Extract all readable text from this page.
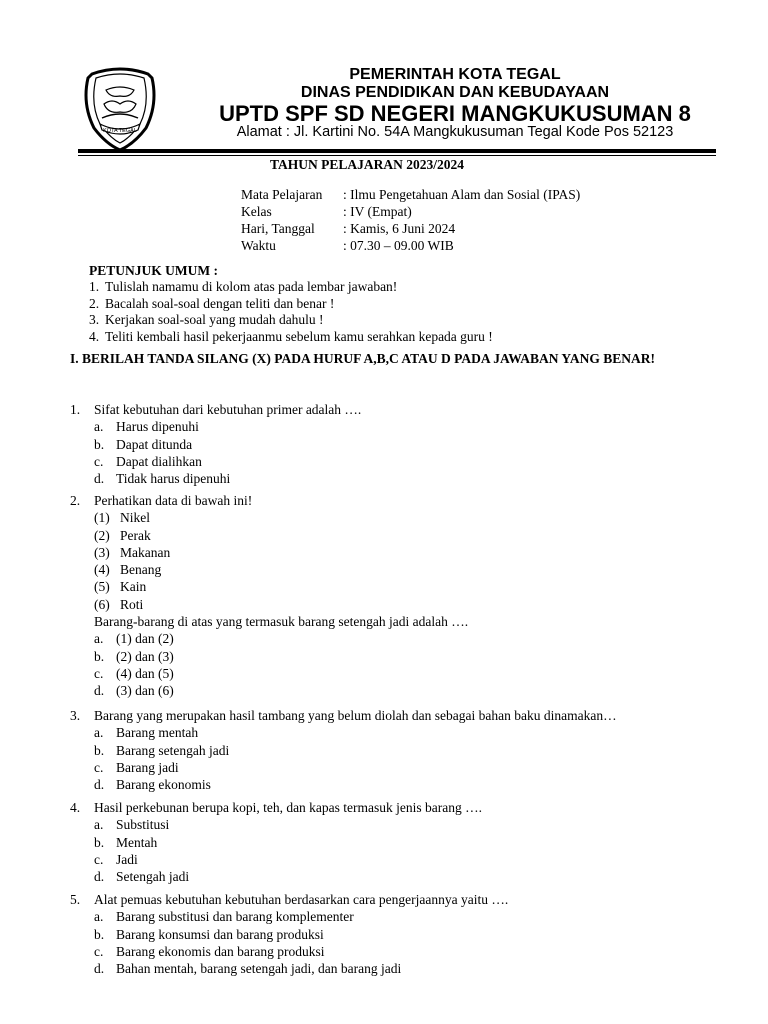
KOTA TEGAL

PEMERINTAH KOTA TEGAL

DINAS PENDIDIKAN DAN KEBUDAYAAN

UPTD SPF SD NEGERI MANGKUKUSUMAN 8

Alamat : Jl. Kartini No. 54A Mangkukusuman Tegal Kode Pos 52123

TAHUN PELAJARAN 2023/2024
Mata Pelajaran : Ilmu Pengetahuan Alam dan Sosial (IPAS)
Kelas	: IV (Empat)
Hari, Tanggal : Kamis, 6 Juni 2024
Waktu	: 07.30 – 09.00 WIB
PETUNJUK UMUM :
1. Tulislah namamu di kolom atas pada lembar jawaban!
2. Bacalah soal-soal dengan teliti dan benar !
3. Kerjakan soal-soal yang mudah dahulu !
4. Teliti kembali hasil pekerjaanmu sebelum kamu serahkan kepada guru !
I. BERILAH TANDA SILANG (X) PADA HURUF A,B,C ATAU D PADA JAWABAN YANG BENAR!
1. Sifat kebutuhan dari kebutuhan primer adalah ….
a. Harus dipenuhi
b. Dapat ditunda
c. Dapat dialihkan
d. Tidak harus dipenuhi
2. Perhatikan data di bawah ini!
(1) Nikel
(2) Perak
(3) Makanan
(4) Benang
(5) Kain
(6) Roti
Barang-barang di atas yang termasuk barang setengah jadi adalah ….
a. (1) dan (2)
b. (2) dan (3)
c. (4) dan (5)
d. (3) dan (6)
3. Barang yang merupakan hasil tambang yang belum diolah dan sebagai bahan baku dinamakan…
a. Barang mentah
b. Barang setengah jadi
c. Barang jadi
d. Barang ekonomis
4. Hasil perkebunan berupa kopi, teh, dan kapas termasuk jenis barang ….
a. Substitusi
b. Mentah
c. Jadi
d. Setengah jadi
5. Alat pemuas kebutuhan kebutuhan berdasarkan cara pengerjaannya yaitu ….
a. Barang substitusi dan barang komplementer
b. Barang konsumsi dan barang produksi
c. Barang ekonomis dan barang produksi
d. Bahan mentah, barang setengah jadi, dan barang jadi
